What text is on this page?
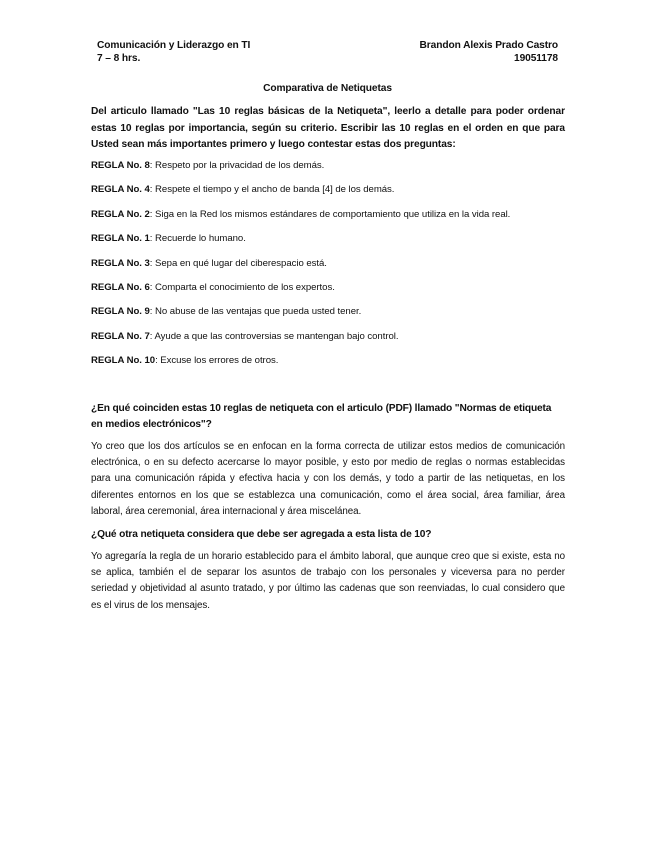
Comunicación y Liderazgo en TI
7 – 8 hrs.
Brandon Alexis Prado Castro
19051178
Comparativa de Netiquetas

Del articulo llamado "Las 10 reglas básicas de la Netiqueta", leerlo a detalle para poder ordenar estas 10 reglas por importancia, según su criterio. Escribir las 10 reglas en el orden en que para Usted sean más importantes primero y luego contestar estas dos preguntas:

REGLA No. 8: Respeto por la privacidad de los demás.
REGLA No. 4: Respete el tiempo y el ancho de banda [4] de los demás.
REGLA No. 2: Siga en la Red los mismos estándares de comportamiento que utiliza en la vida real.
REGLA No. 1: Recuerde lo humano.
REGLA No. 3: Sepa en qué lugar del ciberespacio está.
REGLA No. 6: Comparta el conocimiento de los expertos.
REGLA No. 9: No abuse de las ventajas que pueda usted tener.
REGLA No. 7: Ayude a que las controversias se mantengan bajo control.
REGLA No. 10: Excuse los errores de otros.

¿En qué coinciden estas 10 reglas de netiqueta con el articulo (PDF) llamado "Normas de etiqueta en medios electrónicos"?

Yo creo que los dos artículos se en enfocan en la forma correcta de utilizar estos medios de comunicación electrónica, o en su defecto acercarse lo mayor posible, y esto por medio de reglas o normas establecidas para una comunicación rápida y efectiva hacia y con los demás, y todo a partir de las netiquetas, en los diferentes entornos en los que se establezca una comunicación, como el área social, área familiar, área laboral, área ceremonial, área internacional y área miscelánea.

¿Qué otra netiqueta considera que debe ser agregada a esta lista de 10?

Yo agregaría la regla de un horario establecido para el ámbito laboral, que aunque creo que si existe, esta no se aplica, también el de separar los asuntos de trabajo con los personales y viceversa para no perder seriedad y objetividad al asunto tratado, y por último las cadenas que son reenviadas, lo cual considero que es el virus de los mensajes.
